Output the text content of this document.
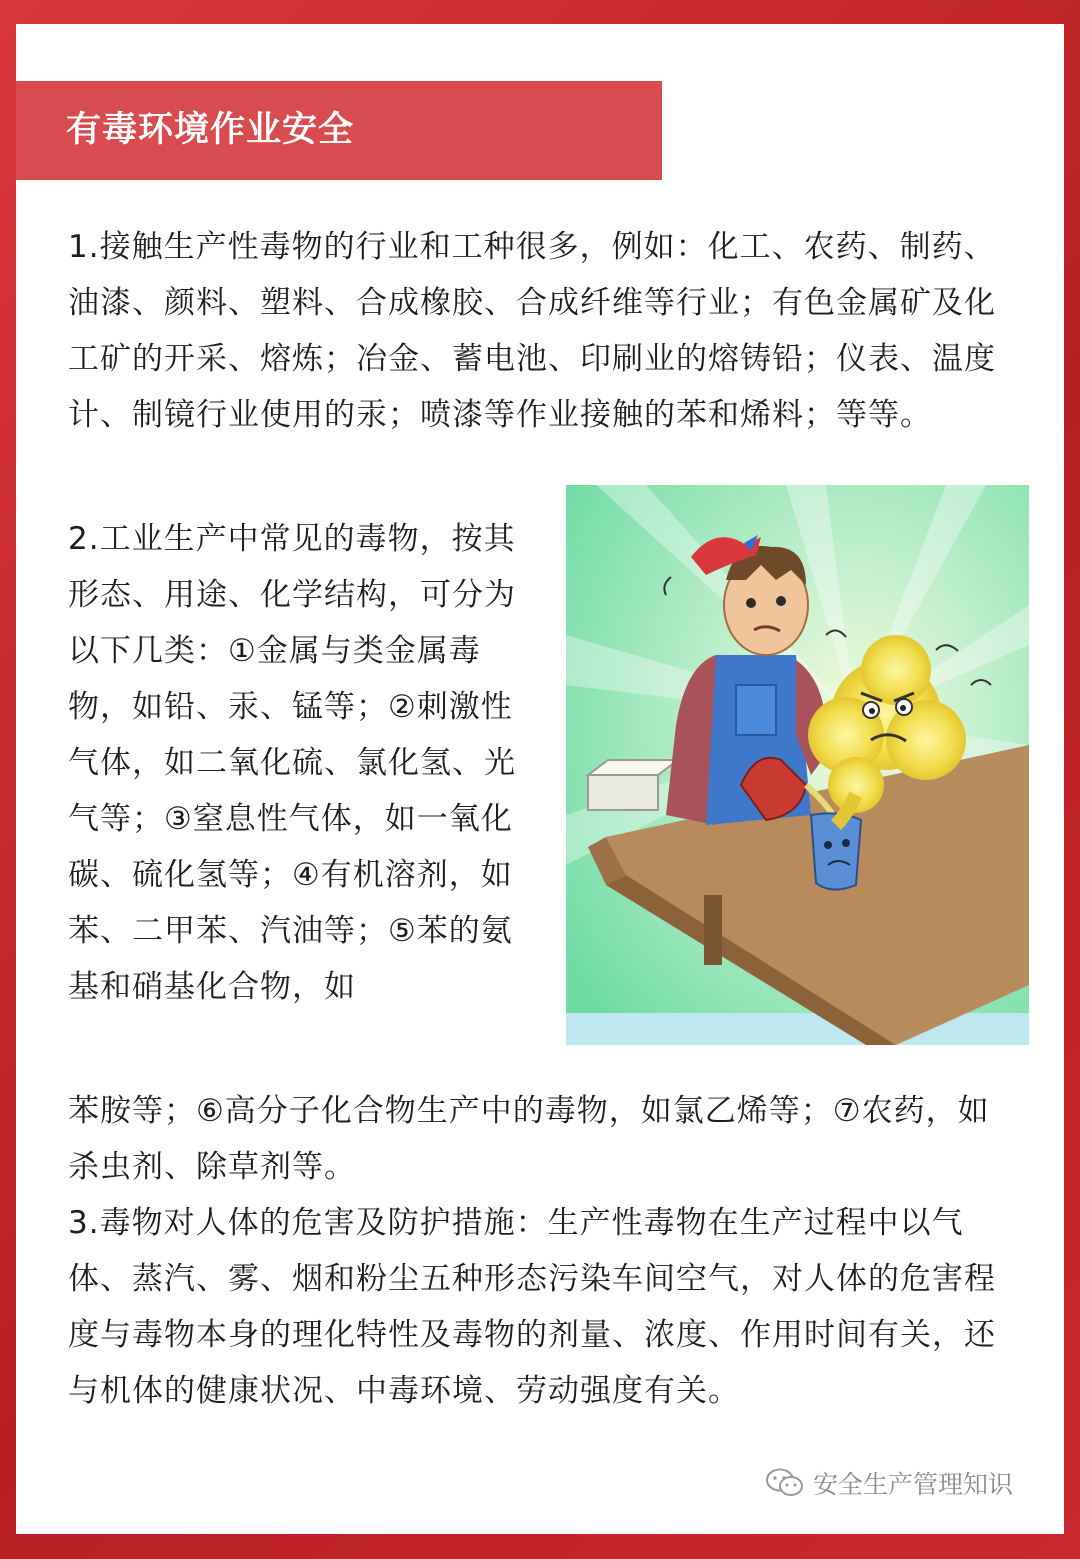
有毒环境作业安全

1.接触生产性毒物的行业和工种很多，例如：化工、农药、制药、油漆、颜料、塑料、合成橡胶、合成纤维等行业；有色金属矿及化工矿的开采、熔炼；冶金、蓄电池、印刷业的熔铸铅；仪表、温度计、制镜行业使用的汞；喷漆等作业接触的苯和烯料；等等。

2.工业生产中常见的毒物，按其形态、用途、化学结构，可分为以下几类：①金属与类金属毒物，如铅、汞、锰等；②刺激性气体，如二氧化硫、氯化氢、光气等；③窒息性气体，如一氧化碳、硫化氢等；④有机溶剂，如苯、二甲苯、汽油等；⑤苯的氨基和硝基化合物，如

苯胺等；⑥高分子化合物生产中的毒物，如氯乙烯等；⑦农药，如杀虫剂、除草剂等。

3.毒物对人体的危害及防护措施：生产性毒物在生产过程中以气体、蒸汽、雾、烟和粉尘五种形态污染车间空气，对人体的危害程度与毒物本身的理化特性及毒物的剂量、浓度、作用时间有关，还与机体的健康状况、中毒环境、劳动强度有关。

安全生产管理知识
